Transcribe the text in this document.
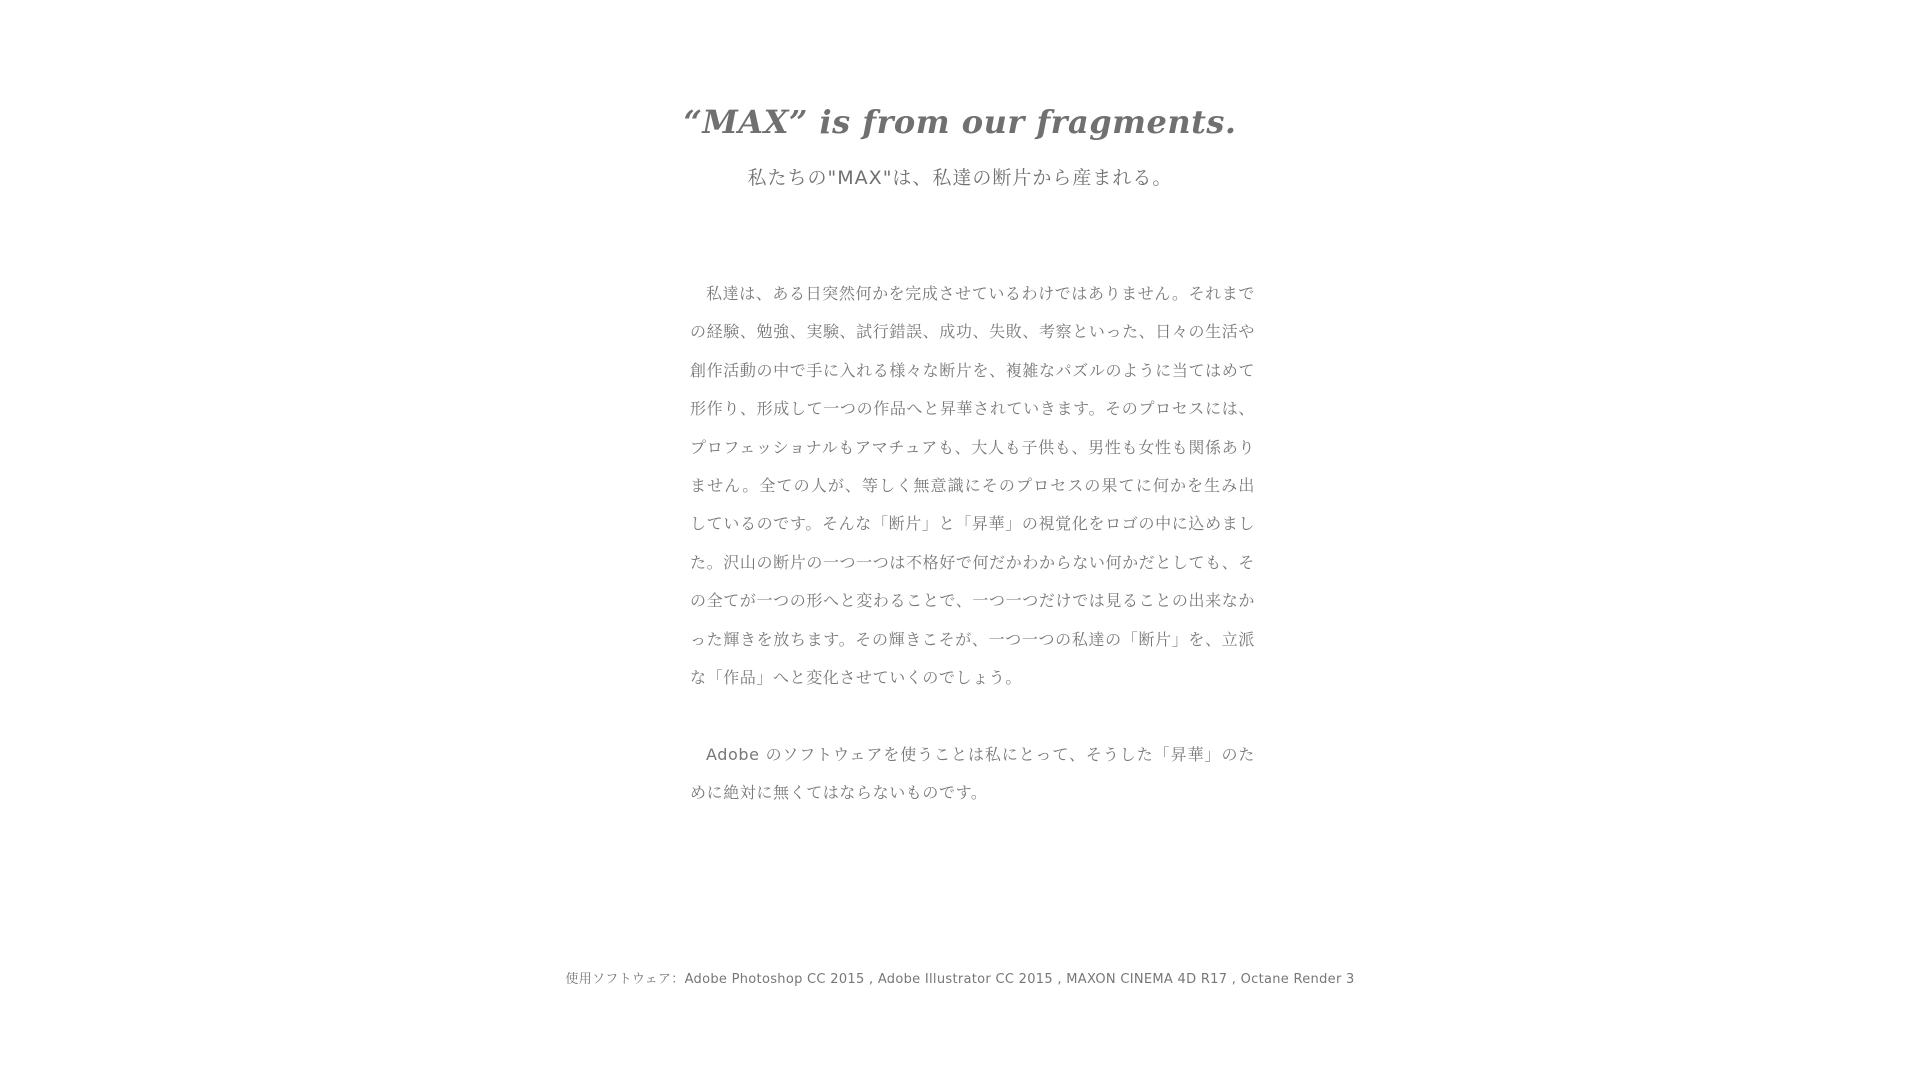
“MAX” is from our fragments.
私たちの"MAX"は、私達の断片から産まれる。

私達は、ある日突然何かを完成させているわけではありません。それまでの経験、勉強、実験、試行錯誤、成功、失敗、考察といった、日々の生活や創作活動の中で手に入れる様々な断片を、複雑なパズルのように当てはめて形作り、形成して一つの作品へと昇華されていきます。そのプロセスには、プロフェッショナルもアマチュアも、大人も子供も、男性も女性も関係ありません。全ての人が、等しく無意識にそのプロセスの果てに何かを生み出しているのです。そんな「断片」と「昇華」の視覚化をロゴの中に込めました。沢山の断片の一つ一つは不格好で何だかわからない何かだとしても、その全てが一つの形へと変わることで、一つ一つだけでは見ることの出来なかった輝きを放ちます。その輝きこそが、一つ一つの私達の「断片」を、立派な「作品」へと変化させていくのでしょう。

Adobe のソフトウェアを使うことは私にとって、そうした「昇華」のために絶対に無くてはならないものです。

使用ソフトウェア：Adobe Photoshop CC 2015 , Adobe Illustrator CC 2015 , MAXON CINEMA 4D R17 , Octane Render 3
